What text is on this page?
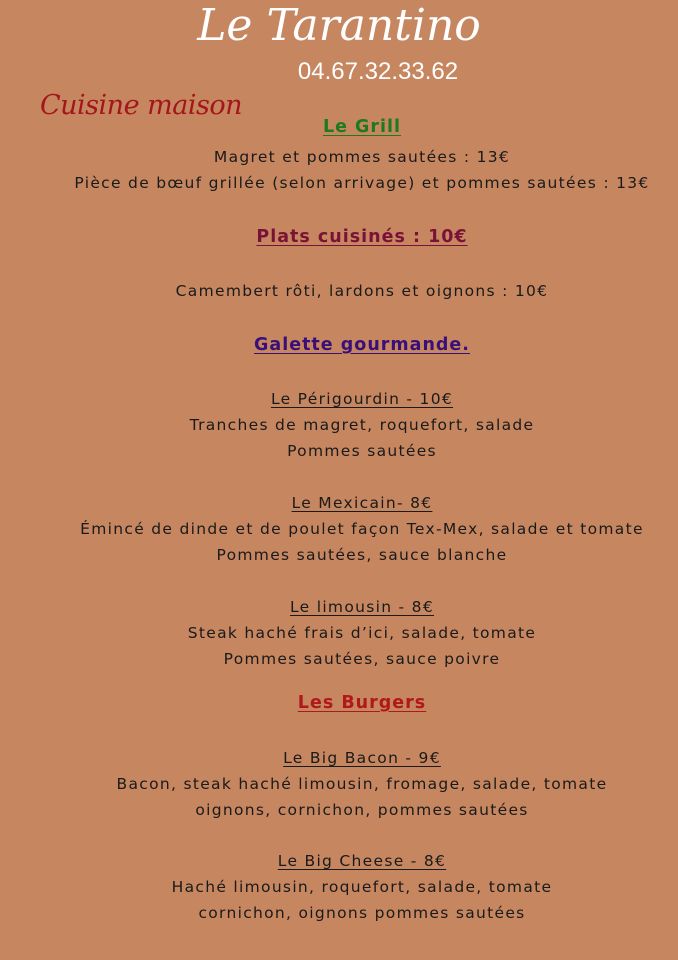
Le Tarantino
04.67.32.33.62
Cuisine maison
Le Grill
Magret et pommes sautées : 13€
Pièce de bœuf grillée (selon arrivage) et pommes sautées : 13€
Plats cuisinés : 10€
Camembert rôti, lardons et oignons : 10€
Galette gourmande.
Le Périgourdin - 10€
Tranches de magret, roquefort, salade
Pommes sautées
Le Mexicain- 8€
Émincé de dinde et de poulet façon Tex-Mex, salade et tomate
Pommes sautées, sauce blanche
Le limousin - 8€
Steak haché frais d’ici, salade, tomate
Pommes sautées, sauce poivre
Les Burgers
Le Big Bacon - 9€
Bacon, steak haché limousin, fromage, salade, tomate
oignons, cornichon, pommes sautées
Le Big Cheese - 8€
Haché limousin, roquefort, salade, tomate
cornichon, oignons pommes sautées
